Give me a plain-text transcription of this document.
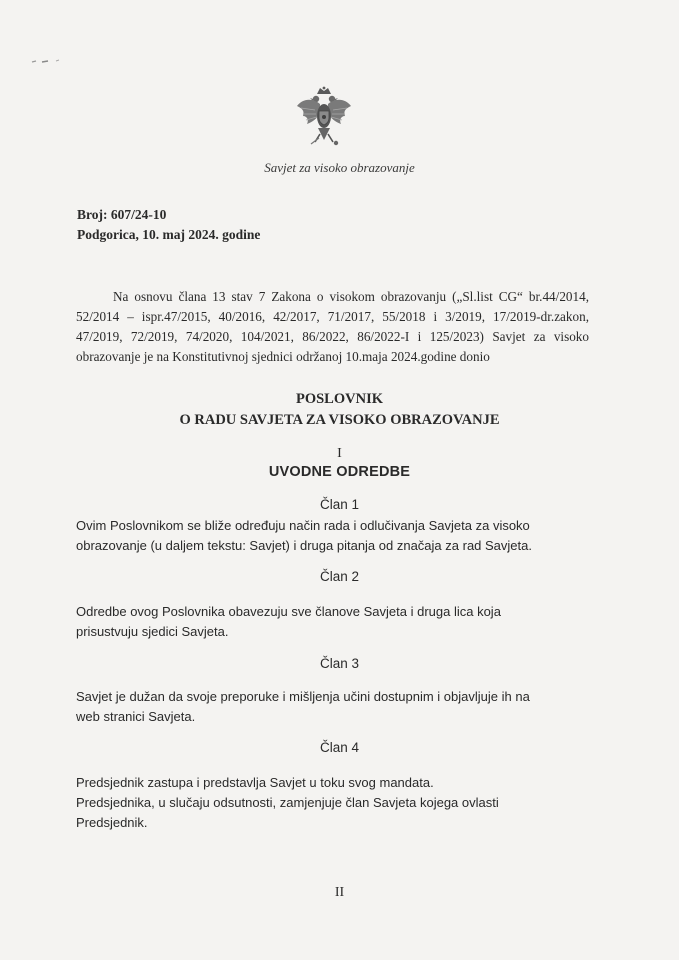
Savjet za visoko obrazovanje
Broj: 607/24-10
Podgorica, 10. maj 2024. godine
Na osnovu člana 13 stav 7 Zakona o visokom obrazovanju („Sl.list CG“ br.44/2014, 52/2014 – ispr.47/2015, 40/2016, 42/2017, 71/2017, 55/2018 i 3/2019, 17/2019-dr.zakon, 47/2019, 72/2019, 74/2020, 104/2021, 86/2022, 86/2022-I i 125/2023) Savjet za visoko obrazovanje je na Konstitutivnoj sjednici održanoj 10.maja 2024.godine donio
POSLOVNIK
O RADU SAVJETA ZA VISOKO OBRAZOVANJE
I
UVODNE ODREDBE
Član 1
Ovim Poslovnikom se bliže određuju način rada i odlučivanja Savjeta za visoko
obrazovanje (u daljem tekstu: Savjet) i druga pitanja od značaja za rad Savjeta.
Član 2
Odredbe ovog Poslovnika obavezuju sve članove Savjeta i druga lica koja
prisustvuju sjedici Savjeta.
Član 3
Savjet je dužan da svoje preporuke i mišljenja učini dostupnim i objavljuje ih na
web stranici Savjeta.
Član 4
Predsjednik zastupa i predstavlja Savjet u toku svog mandata.
Predsjednika, u slučaju odsutnosti, zamjenjuje član Savjeta kojega ovlasti
Predsjednik.
II
